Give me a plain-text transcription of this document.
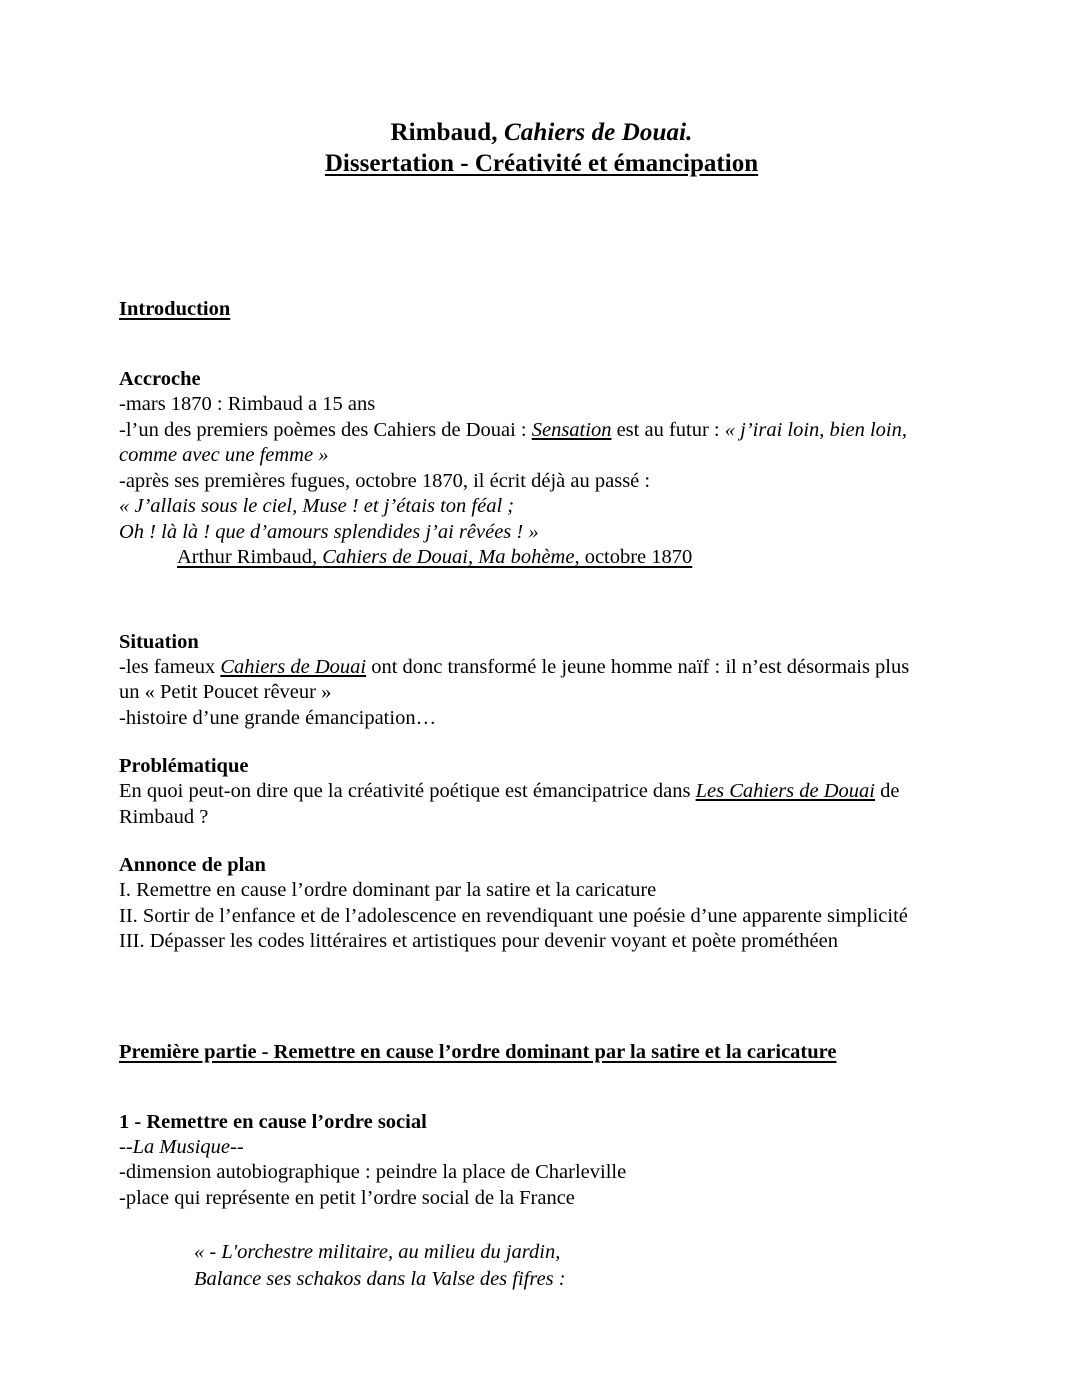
Rimbaud, Cahiers de Douai.
Dissertation - Créativité et émancipation
Introduction
Accroche

-mars 1870 : Rimbaud a 15 ans

-l’un des premiers poèmes des Cahiers de Douai : Sensation est au futur : « j’irai loin, bien loin,

comme avec une femme »

-après ses premières fugues, octobre 1870, il écrit déjà au passé :

« J’allais sous le ciel, Muse ! et j’étais ton féal ;

Oh ! là là ! que d’amours splendides j’ai rêvées ! »

Arthur Rimbaud, Cahiers de Douai, Ma bohème, octobre 1870

Situation

-les fameux Cahiers de Douai ont donc transformé le jeune homme naïf : il n’est désormais plus

un « Petit Poucet rêveur »

-histoire d’une grande émancipation…

Problématique

En quoi peut-on dire que la créativité poétique est émancipatrice dans Les Cahiers de Douai de

Rimbaud ?

Annonce de plan

I. Remettre en cause l’ordre dominant par la satire et la caricature

II. Sortir de l’enfance et de l’adolescence en revendiquant une poésie d’une apparente simplicité

III. Dépasser les codes littéraires et artistiques pour devenir voyant et poète prométhéen

Première partie - Remettre en cause l’ordre dominant par la satire et la caricature
1 - Remettre en cause l’ordre social

--La Musique--

-dimension autobiographique : peindre la place de Charleville

-place qui représente en petit l’ordre social de la France

« - L'orchestre militaire, au milieu du jardin,

Balance ses schakos dans la Valse des fifres :
